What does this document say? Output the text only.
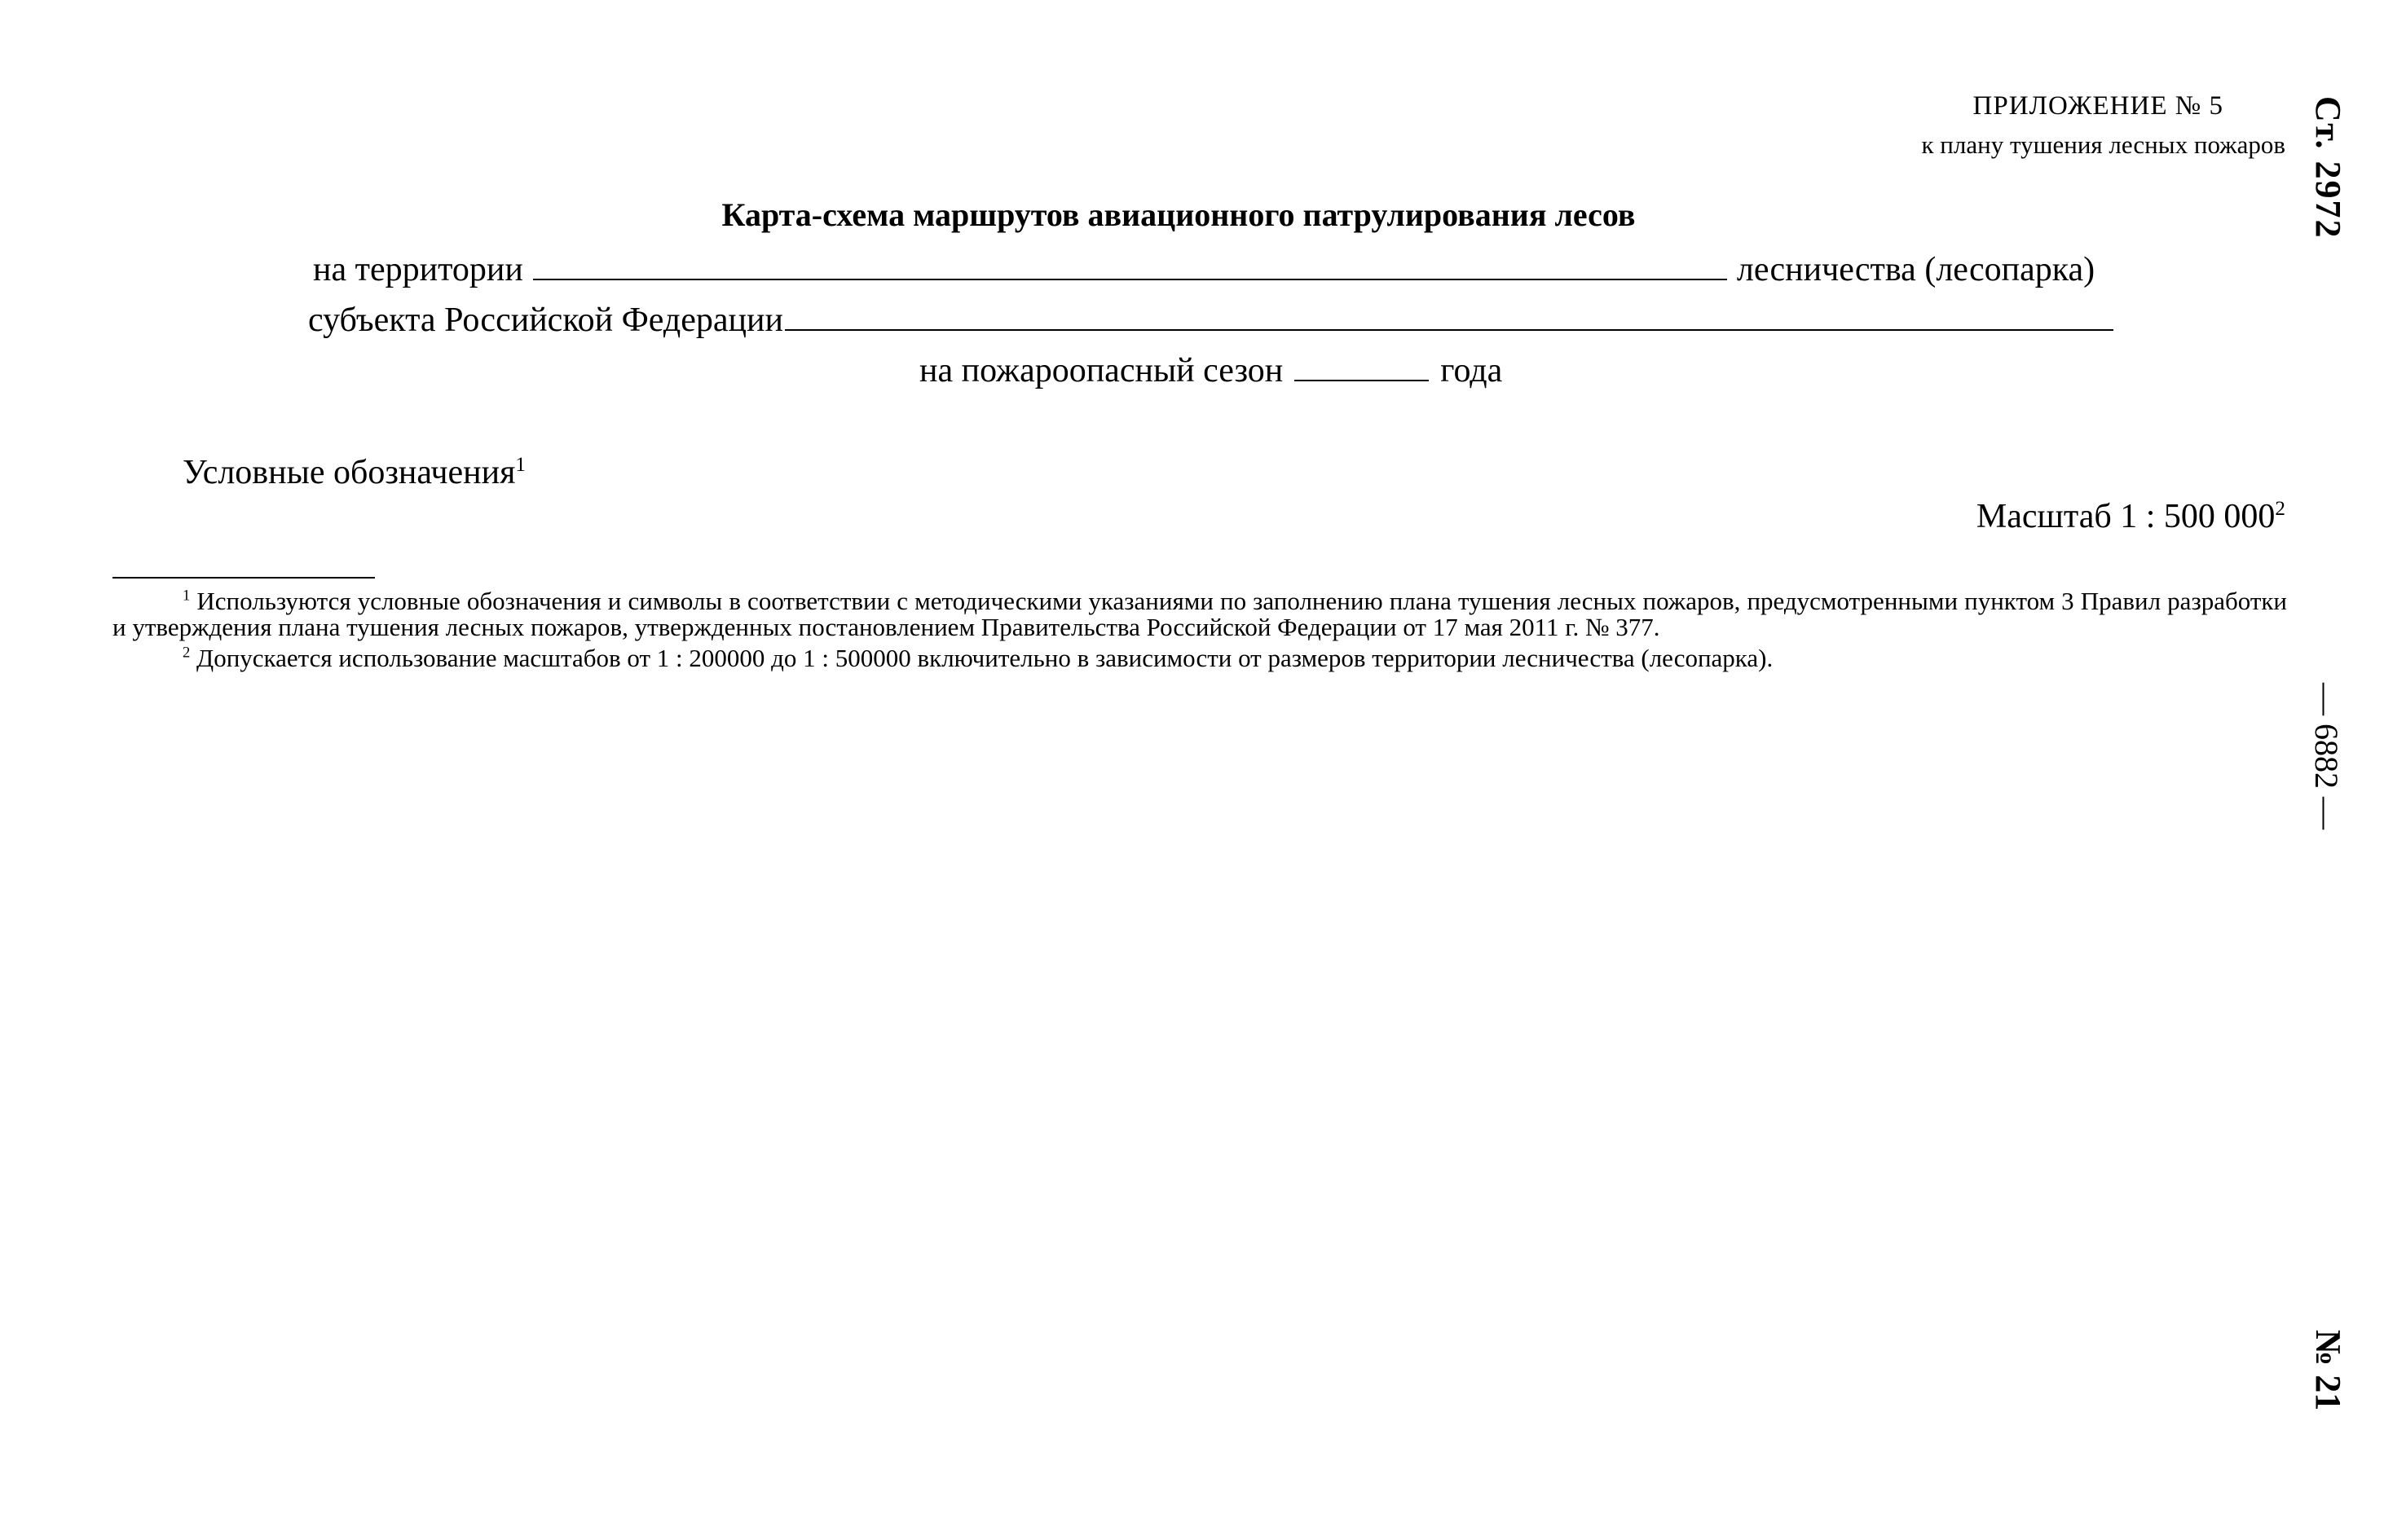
ПРИЛОЖЕНИЕ № 5
к плану тушения лесных пожаров
Карта-схема маршрутов авиационного патрулирования лесов
на территории	лесничества (лесопарка)
субъекта Российской Федерации
на пожароопасный сезон	года
Условные обозначения$^1$
Масштаб 1 : 500 $000^2$

$^1$ Используются условные обозначения и символы в соответствии с методическими указаниями по заполнению плана тушения лесных пожаров, предусмотренными пунктом 3 Правил разработки и утверждения плана тушения лесных пожаров, утвержденных постановлением Правительства Российской Федерации от 17 мая 2011 г. № 377.

$^2$ Допускается использование масштабов от 1 : 200000 до 1 : 500000 включительно в зависимости от размеров территории лесничества (лесопарка).

Ст. 2972
— 6882 —
№ 21
